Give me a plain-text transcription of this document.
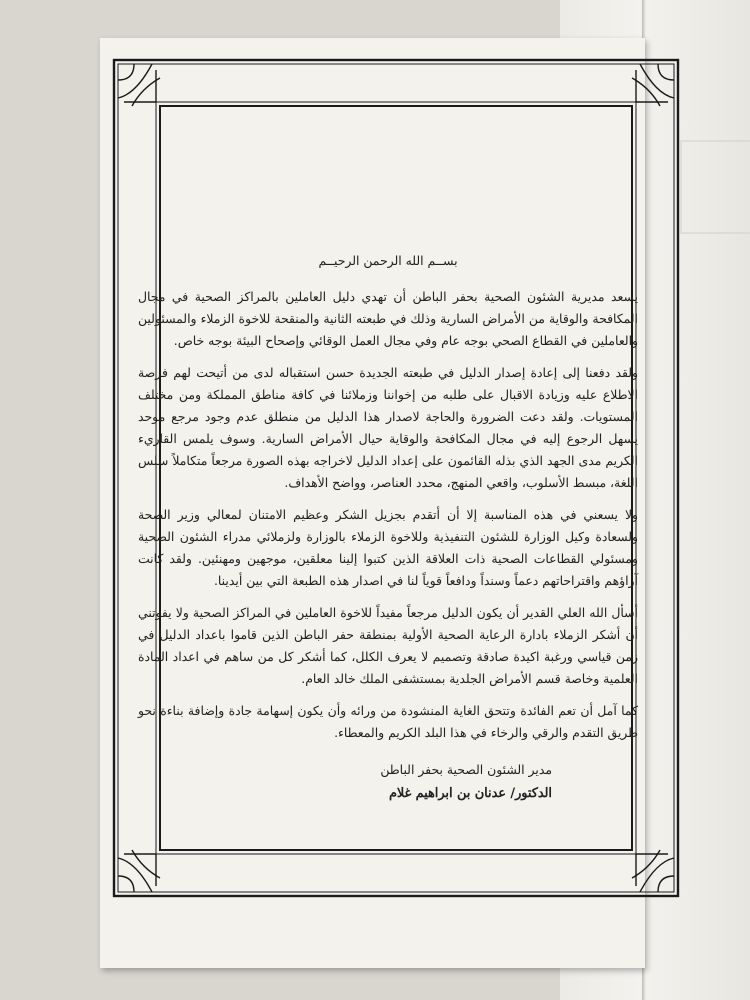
بســم الله الرحمن الرحيــم

يسعد مديرية الشئون الصحية بحفر الباطن أن تهدي دليل العاملين بالمراكز الصحية في مجال المكافحة والوقاية من الأمراض السارية وذلك في طبعته الثانية والمنقحة للاخوة الزملاء والمسئولين والعاملين في القطاع الصحي بوجه عام وفي مجال العمل الوقائي وإصحاح البيئة بوجه خاص.

ولقد دفعنا إلى إعادة إصدار الدليل في طبعته الجديدة حسن استقباله لدى من أتيحت لهم فرصة الاطلاع عليه وزيادة الاقبال على طلبه من إخواننا وزملائنا في كافة مناطق المملكة ومن مختلف المستويات. ولقد دعت الضرورة والحاجة لاصدار هذا الدليل من منطلق عدم وجود مرجع موحد يسهل الرجوع إليه في مجال المكافحة والوقاية حيال الأمراض السارية. وسوف يلمس القاريء الكريم مدى الجهد الذي بذله القائمون على إعداد الدليل لاخراجه بهذه الصورة مرجعاً متكاملاً سلس اللغة، مبسط الأسلوب، واقعي المنهج، محدد العناصر، وواضح الأهداف.

ولا يسعني في هذه المناسبة إلا أن أتقدم بجزيل الشكر وعظيم الامتنان لمعالي وزير الصحة ولسعادة وكيل الوزارة للشئون التنفيذية وللاخوة الزملاء بالوزارة ولزملائي مدراء الشئون الصحية ومسئولي القطاعات الصحية ذات العلاقة الذين كتبوا إلينا معلقين، موجهين ومهنئين. ولقد كانت آراؤهم واقتراحاتهم دعماً وسنداً ودافعاً قوياً لنا في اصدار هذه الطبعة التي بين أيدينا.

أسأل الله العلي القدير أن يكون الدليل مرجعاً مفيداً للاخوة العاملين في المراكز الصحية ولا يفوتني أن أشكر الزملاء بادارة الرعاية الصحية الأولية بمنطقة حفر الباطن الذين قاموا باعداد الدليل في زمن قياسي ورغبة اكيدة صادقة وتصميم لا يعرف الكلل، كما أشكر كل من ساهم في اعداد المادة العلمية وخاصة قسم الأمراض الجلدية بمستشفى الملك خالد العام.

كما آمل أن تعم الفائدة وتتحق الغاية المنشودة من ورائه وأن يكون إسهامة جادة وإضافة بناءة نحو طريق التقدم والرقي والرخاء في هذا البلد الكريم والمعطاء.

مدير الشئون الصحية بحفر الباطن
الدكتور/ عدنان بن ابراهيم غلام
